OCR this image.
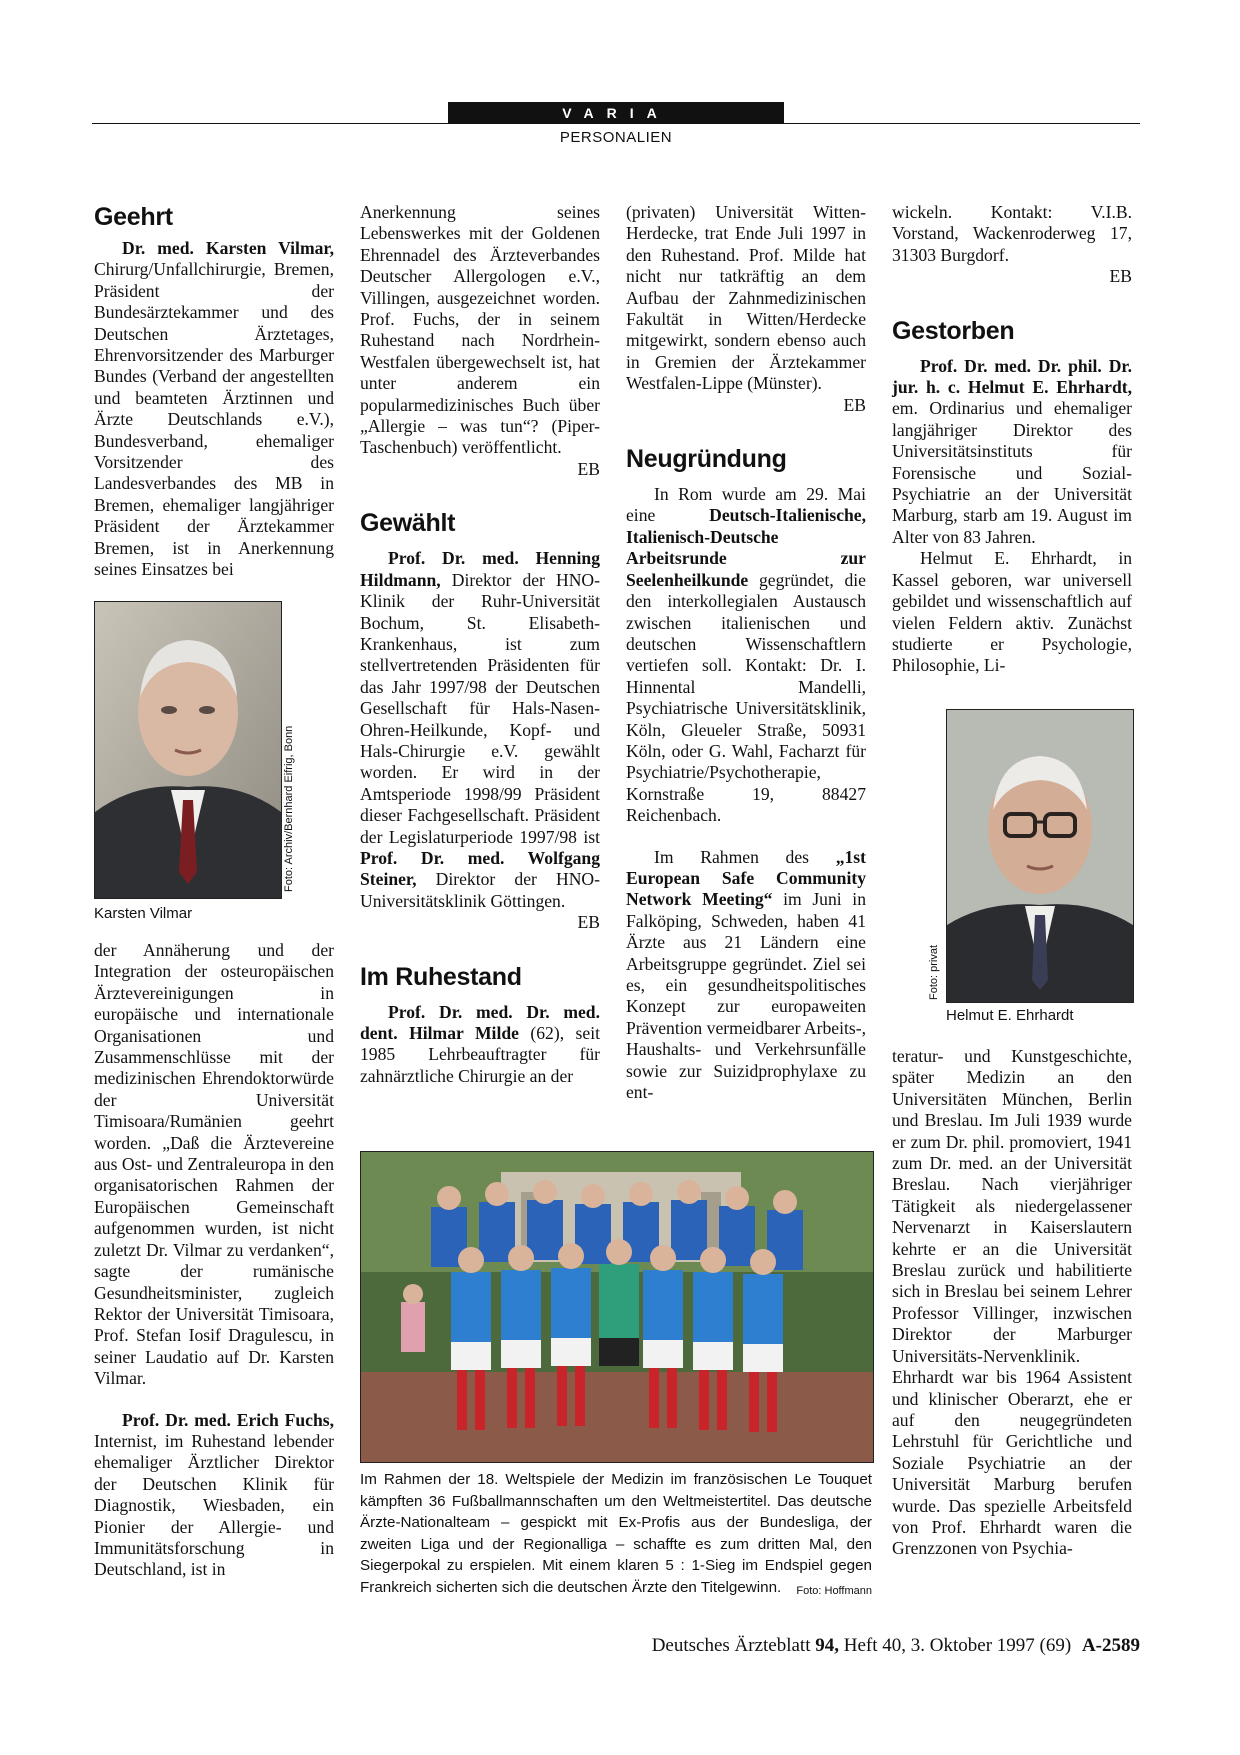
VARIA
PERSONALIEN
Geehrt

Dr. med. Karsten Vilmar, Chirurg/Unfallchirurgie, Bremen, Präsident der Bundesärztekammer und des Deutschen Ärztetages, Ehrenvorsitzender des Marburger Bundes (Verband der angestellten und beamteten Ärztinnen und Ärzte Deutschlands e.V.), Bundesverband, ehemaliger Vorsitzender des Landesverbandes des MB in Bremen, ehemaliger langjähriger Präsident der Ärztekammer Bremen, ist in Anerkennung seines Einsatzes bei

Foto: Archiv/Bernhard Eifrig, Bonn
Karsten Vilmar

der Annäherung und der Integration der osteuropäischen Ärztevereinigungen in europäische und internationale Organisationen und Zusammenschlüsse mit der medizinischen Ehrendoktorwürde der Universität Timisoara/Rumänien geehrt worden. „Daß die Ärztevereine aus Ost- und Zentraleuropa in den organisatorischen Rahmen der Europäischen Gemeinschaft aufgenommen wurden, ist nicht zuletzt Dr. Vilmar zu verdanken“, sagte der rumänische Gesundheitsminister, zugleich Rektor der Universität Timisoara, Prof. Stefan Iosif Dragulescu, in seiner Laudatio auf Dr. Karsten Vilmar.

Prof. Dr. med. Erich Fuchs, Internist, im Ruhestand lebender ehemaliger Ärztlicher Direktor der Deutschen Klinik für Diagnostik, Wiesbaden, ein Pionier der Allergie- und Immunitätsforschung in Deutschland, ist in

Anerkennung seines Lebenswerkes mit der Goldenen Ehrennadel des Ärzteverbandes Deutscher Allergologen e.V., Villingen, ausgezeichnet worden. Prof. Fuchs, der in seinem Ruhestand nach Nordrhein-Westfalen übergewechselt ist, hat unter anderem ein popularmedizinisches Buch über „Allergie – was tun“? (Piper-Taschenbuch) veröffentlicht.

EB

Gewählt

Prof. Dr. med. Henning Hildmann, Direktor der HNO-Klinik der Ruhr-Universität Bochum, St. Elisabeth-Krankenhaus, ist zum stellvertretenden Präsidenten für das Jahr 1997/98 der Deutschen Gesellschaft für Hals-Nasen-Ohren-Heilkunde, Kopf- und Hals-Chirurgie e.V. gewählt worden. Er wird in der Amtsperiode 1998/99 Präsident dieser Fachgesellschaft. Präsident der Legislaturperiode 1997/98 ist Prof. Dr. med. Wolfgang Steiner, Direktor der HNO-Universitätsklinik Göttingen.

EB

Im Ruhestand

Prof. Dr. med. Dr. med. dent. Hilmar Milde (62), seit 1985 Lehrbeauftragter für zahnärztliche Chirurgie an der

(privaten) Universität Witten-Herdecke, trat Ende Juli 1997 in den Ruhestand. Prof. Milde hat nicht nur tatkräftig an dem Aufbau der Zahnmedizinischen Fakultät in Witten/Herdecke mitgewirkt, sondern ebenso auch in Gremien der Ärztekammer Westfalen-Lippe (Münster).

EB

Neugründung

In Rom wurde am 29. Mai eine Deutsch-Italienische, Italienisch-Deutsche Arbeitsrunde zur Seelenheilkunde gegründet, die den interkollegialen Austausch zwischen italienischen und deutschen Wissenschaftlern vertiefen soll. Kontakt: Dr. I. Hinnental Mandelli, Psychiatrische Universitätsklinik, Köln, Gleueler Straße, 50931 Köln, oder G. Wahl, Facharzt für Psychiatrie/Psychotherapie, Kornstraße 19, 88427 Reichenbach.

Im Rahmen des „1st European Safe Community Network Meeting“ im Juni in Falköping, Schweden, haben 41 Ärzte aus 21 Ländern eine Arbeitsgruppe gegründet. Ziel sei es, ein gesundheitspolitisches Konzept zur europaweiten Prävention vermeidbarer Arbeits-, Haushalts- und Verkehrsunfälle sowie zur Suizidprophylaxe zu ent-

wickeln. Kontakt: V.I.B. Vorstand, Wackenroderweg 17, 31303 Burgdorf.

EB

Gestorben

Prof. Dr. med. Dr. phil. Dr. jur. h. c. Helmut E. Ehrhardt, em. Ordinarius und ehemaliger langjähriger Direktor des Universitätsinstituts für Forensische und Sozial-Psychiatrie an der Universität Marburg, starb am 19. August im Alter von 83 Jahren.

Helmut E. Ehrhardt, in Kassel geboren, war universell gebildet und wissenschaftlich auf vielen Feldern aktiv. Zunächst studierte er Psychologie, Philosophie, Li-

Foto: privat
Helmut E. Ehrhardt

teratur- und Kunstgeschichte, später Medizin an den Universitäten München, Berlin und Breslau. Im Juli 1939 wurde er zum Dr. phil. promoviert, 1941 zum Dr. med. an der Universität Breslau. Nach vierjähriger Tätigkeit als niedergelassener Nervenarzt in Kaiserslautern kehrte er an die Universität Breslau zurück und habilitierte sich in Breslau bei seinem Lehrer Professor Villinger, inzwischen Direktor der Marburger Universitäts-Nervenklinik. Ehrhardt war bis 1964 Assistent und klinischer Oberarzt, ehe er auf den neugegründeten Lehrstuhl für Gerichtliche und Soziale Psychiatrie an der Universität Marburg berufen wurde. Das spezielle Arbeitsfeld von Prof. Ehrhardt waren die Grenzzonen von Psychia-

Im Rahmen der 18. Weltspiele der Medizin im französischen Le Touquet kämpften 36 Fußballmannschaften um den Weltmeistertitel. Das deutsche Ärzte-Nationalteam – gespickt mit Ex-Profis aus der Bundesliga, der zweiten Liga und der Regionalliga – schaffte es zum dritten Mal, den Siegerpokal zu erspielen. Mit einem klaren 5 : 1-Sieg im Endspiel gegen Frankreich sicherten sich die deutschen Ärzte den Titelgewinn. Foto: Hoffmann
Deutsches Ärzteblatt 94, Heft 40, 3. Oktober 1997 (69) A-2589
